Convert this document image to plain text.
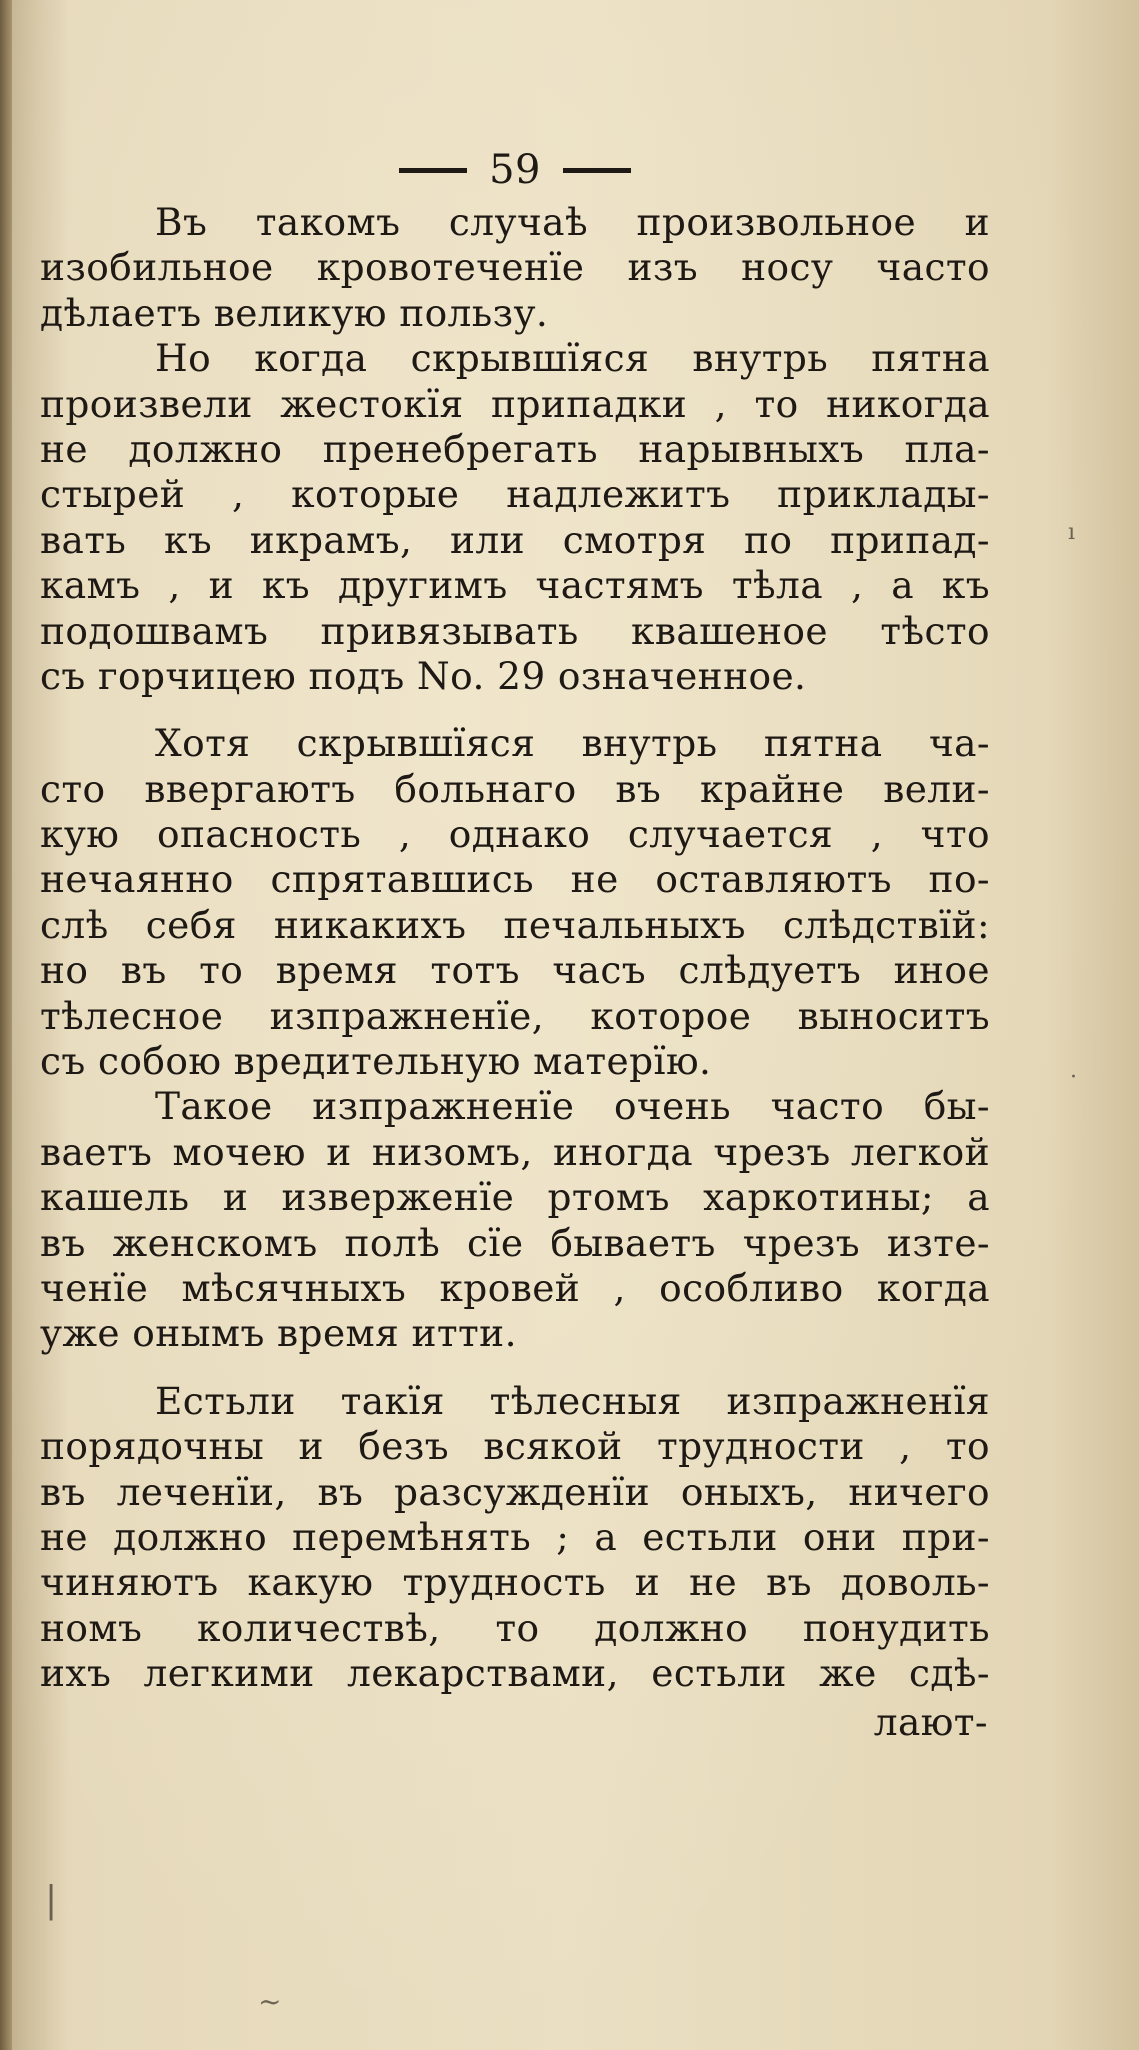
59
Въ такомъ случаѣ произвольное и
изобильное кровотеченїе изъ носу часто
дѣлаетъ великую пользу.
Но когда скрывшїяся внутрь пятна
произвели жестокїя припадки , то никогда
не должно пренебрегать нарывныхъ пла-
стырей , которые надлежитъ приклады-
вать къ икрамъ, или смотря по припад-
камъ , и къ другимъ частямъ тѣла , а къ
подошвамъ привязывать квашеное тѣсто
съ горчицею подъ No. 29 означенное.
Хотя скрывшїяся внутрь пятна ча-
сто ввергаютъ больнаго въ крайне вели-
кую опасность , однако случается , что
нечаянно спрятавшись не оставляютъ по-
слѣ себя никакихъ печальныхъ слѣдствїй:
но въ то время тотъ часъ слѣдуетъ иное
тѣлесное изпражненїе, которое выноситъ
съ собою вредительную матерїю.
Такое изпражненїе очень часто бы-
ваетъ мочею и низомъ, иногда чрезъ легкой
кашель и изверженїе ртомъ харкотины; а
въ женскомъ полѣ сїе бываетъ чрезъ изте-
ченїе мѣсячныхъ кровей , особливо когда
уже онымъ время итти.
Естьли такїя тѣлесныя изпражненїя
порядочны и безъ всякой трудности , то
въ леченїи, въ разсужденїи оныхъ, ничего
не должно перемѣнять ; а естьли они при-
чиняютъ какую трудность и не въ доволь-
номъ количествѣ, то должно понудить
ихъ легкими лекарствами, естьли же сдѣ-
лают-
ı
·
|
~
